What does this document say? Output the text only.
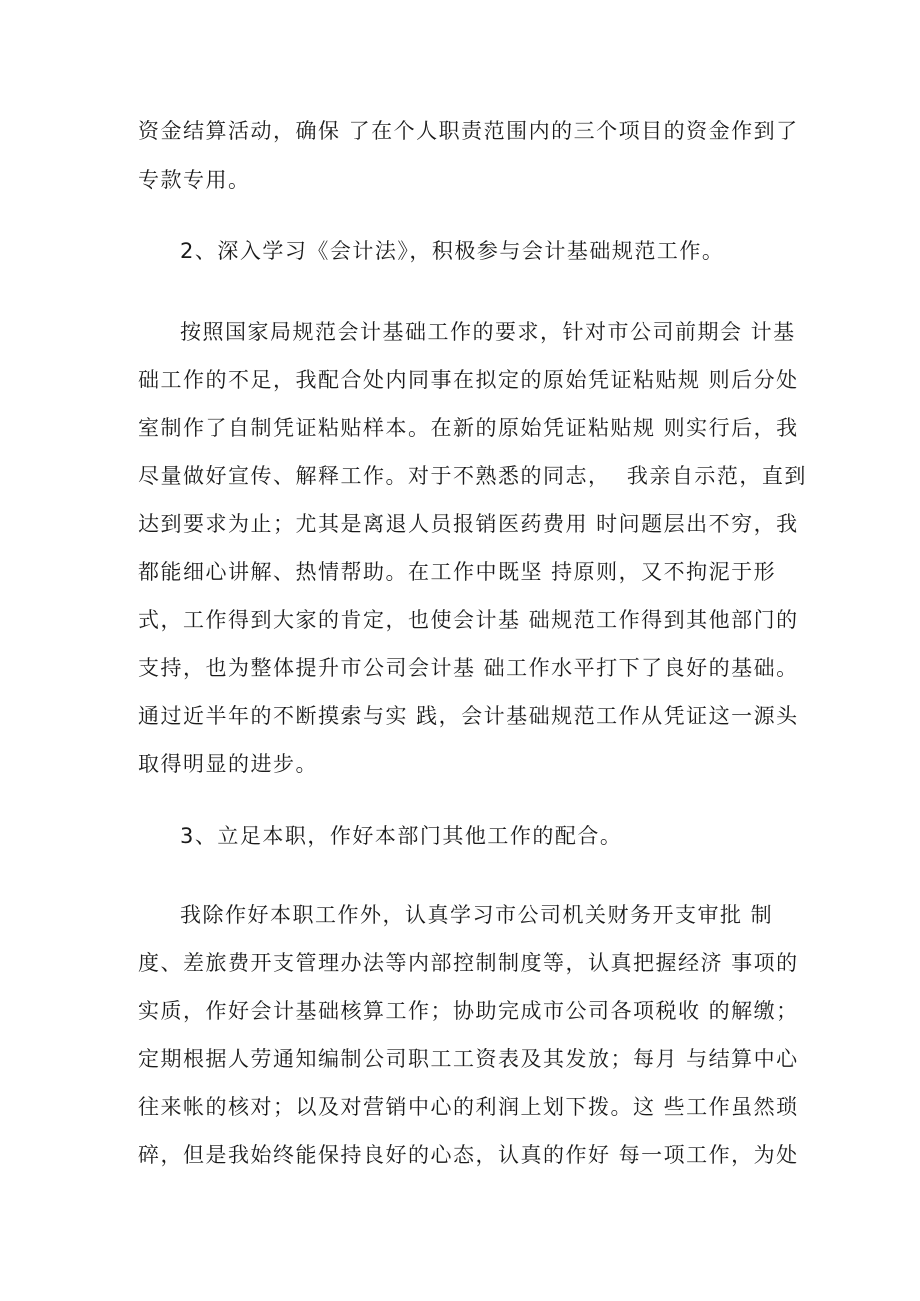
资金结算活动，确保 了在个人职责范围内的三个项目的资金作到了
专款专用。
2、深入学习《会计法》，积极参与会计基础规范工作。
按照国家局规范会计基础工作的要求，针对市公司前期会 计基
础工作的不足，我配合处内同事在拟定的原始凭证粘贴规 则后分处
室制作了自制凭证粘贴样本。在新的原始凭证粘贴规 则实行后，我
尽量做好宣传、解释工作。对于不熟悉的同志，  我亲自示范，直到
达到要求为止；尤其是离退人员报销医药费用 时问题层出不穷，我
都能细心讲解、热情帮助。在工作中既坚 持原则，又不拘泥于形
式，工作得到大家的肯定，也使会计基 础规范工作得到其他部门的
支持，也为整体提升市公司会计基 础工作水平打下了良好的基础。
通过近半年的不断摸索与实 践，会计基础规范工作从凭证这一源头
取得明显的进步。
3、立足本职，作好本部门其他工作的配合。
我除作好本职工作外，认真学习市公司机关财务开支审批 制
度、差旅费开支管理办法等内部控制制度等，认真把握经济 事项的
实质，作好会计基础核算工作；协助完成市公司各项税收 的解缴；
定期根据人劳通知编制公司职工工资表及其发放；每月 与结算中心
往来帐的核对；以及对营销中心的利润上划下拨。这 些工作虽然琐
碎，但是我始终能保持良好的心态，认真的作好 每一项工作，为处
